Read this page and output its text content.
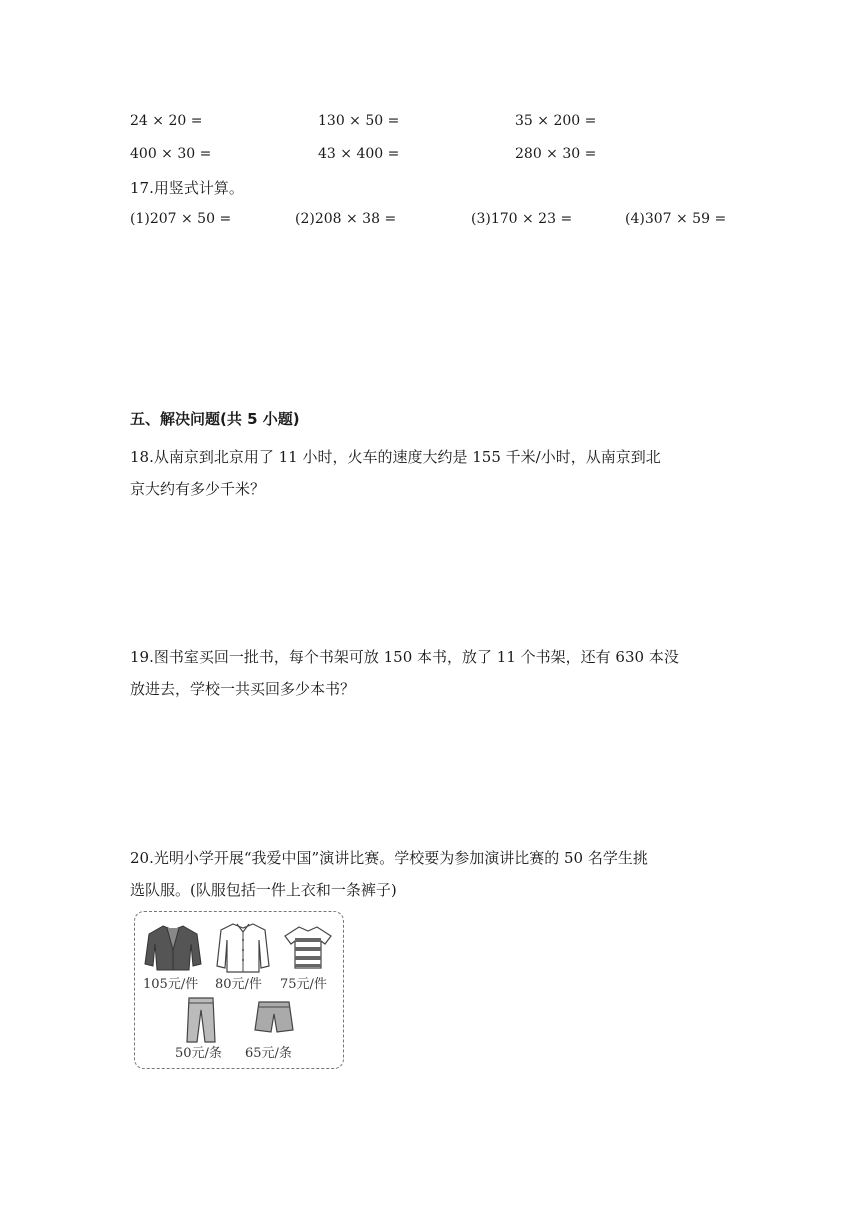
24 × 20 =	130 × 50 =	35 × 200 =
400 × 30 =	43 × 400 =	280 × 30 =
17.用竖式计算。
(1)207 × 50 =	(2)208 × 38 =	(3)170 × 23 =	(4)307 × 59 =
五、解决问题(共 5 小题)
18.从南京到北京用了 11 小时，火车的速度大约是 155 千米/小时，从南京到北
京大约有多少千米？
19.图书室买回一批书，每个书架可放 150 本书，放了 11 个书架，还有 630 本没
放进去，学校一共买回多少本书？
20.光明小学开展“我爱中国”演讲比赛。学校要为参加演讲比赛的 50 名学生挑
选队服。(队服包括一件上衣和一条裤子)
105元/件 80元/件 75元/件
50元/条 65元/条
